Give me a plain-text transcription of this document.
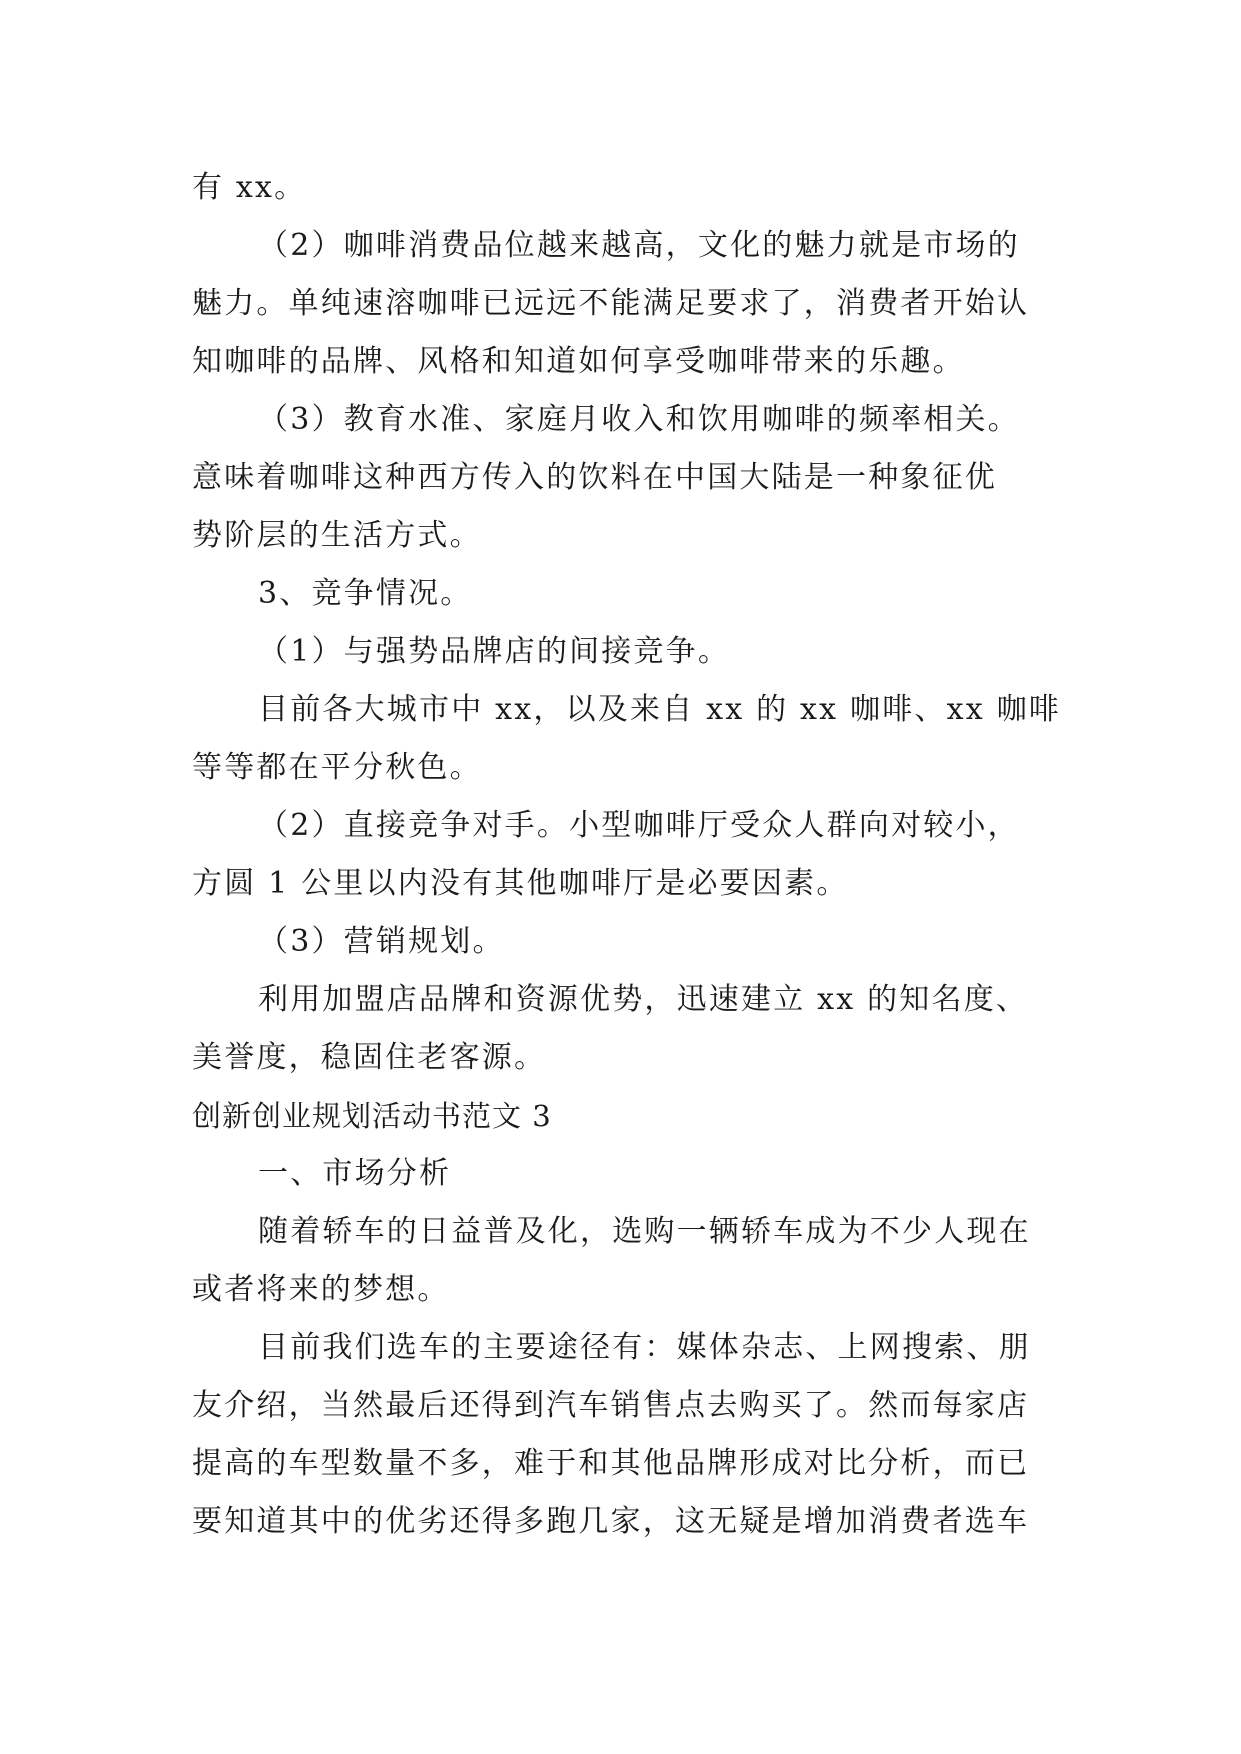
有 xx。
（2）咖啡消费品位越来越高，文化的魅力就是市场的
魅力。单纯速溶咖啡已远远不能满足要求了，消费者开始认
知咖啡的品牌、风格和知道如何享受咖啡带来的乐趣。
（3）教育水准、家庭月收入和饮用咖啡的频率相关。
意味着咖啡这种西方传入的饮料在中国大陆是一种象征优
势阶层的生活方式。
3、竞争情况。
（1）与强势品牌店的间接竞争。
目前各大城市中 xx，以及来自 xx 的 xx 咖啡、xx 咖啡
等等都在平分秋色。
（2）直接竞争对手。小型咖啡厅受众人群向对较小，
方圆 1 公里以内没有其他咖啡厅是必要因素。
（3）营销规划。
利用加盟店品牌和资源优势，迅速建立 xx 的知名度、
美誉度，稳固住老客源。
创新创业规划活动书范文 3
一、市场分析
随着轿车的日益普及化，选购一辆轿车成为不少人现在
或者将来的梦想。
目前我们选车的主要途径有：媒体杂志、上网搜索、朋
友介绍，当然最后还得到汽车销售点去购买了。然而每家店
提高的车型数量不多，难于和其他品牌形成对比分析，而已
要知道其中的优劣还得多跑几家，这无疑是增加消费者选车
